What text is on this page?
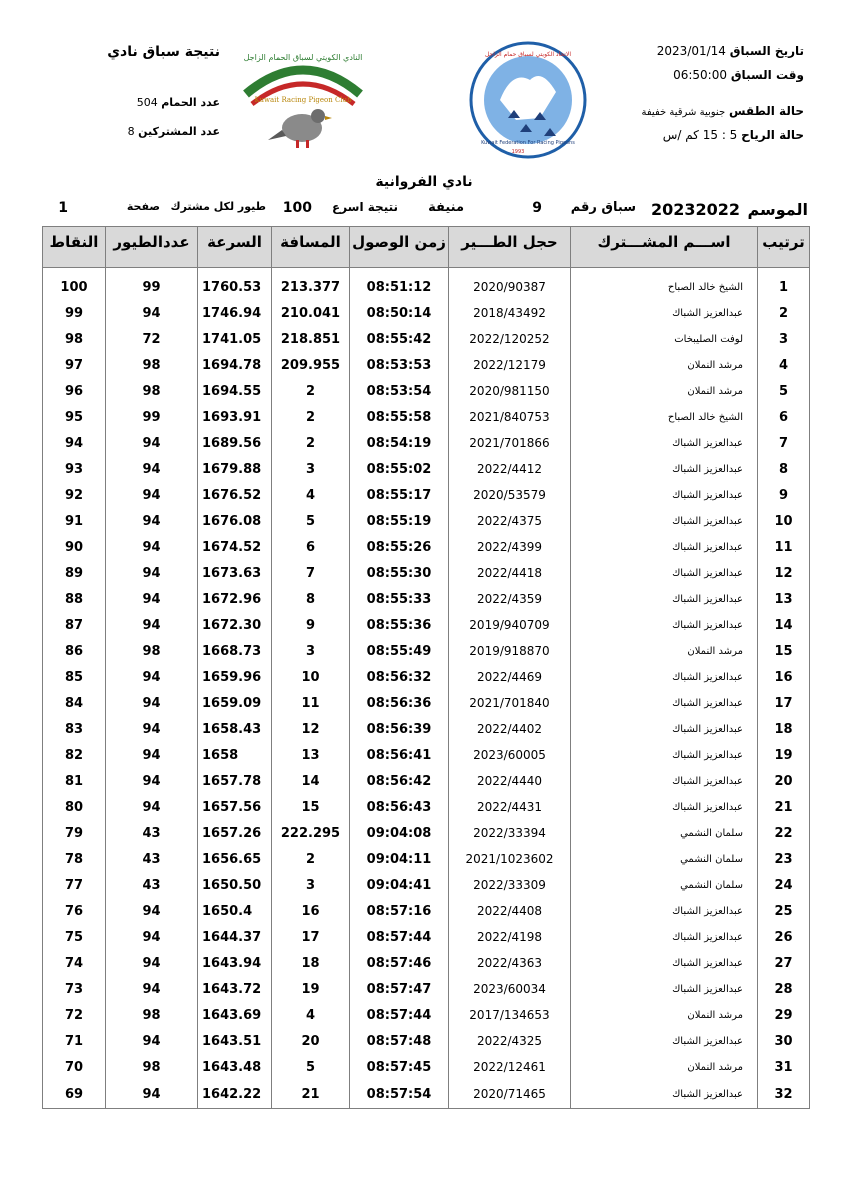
نتيجة سباق نادي
عدد الحمام 504
عدد المشتركين 8
النادي الكويتي لسباق الحمام الزاجل
Kuwait Racing Pigeon Club
الاتحاد الكويتي لسباق حمام الزاجل
Kuwait Federation For Racing Pigeons
1993
تاريخ السباق 2023/01/14
وقت السباق 06:50:00
حالة الطقس جنوبية شرقية خفيفة
حالة الرياح 5 : 15 كم /س
نادي الفروانية
الموسم
20232022
سباق رقم
9
منيفة
نتيجة اسرع
100
طيور لكل مشترك
صفحة
1
ترتيب	اســـم المشـــترك	حجل الطـــير	زمن الوصول	المسافة	السرعة	عددالطيور	النقاط

1	الشيخ خالد الصباح	2020/90387	08:51:12	213.377	1760.53	99	100
2	عبدالعزيز الشباك	2018/43492	08:50:14	210.041	1746.94	94	99
3	لوفت الصليبخات	2022/120252	08:55:42	218.851	1741.05	72	98
4	مرشد النملان	2022/12179	08:53:53	209.955	1694.78	98	97
5	مرشد النملان	2020/981150	08:53:54	2	1694.55	98	96
6	الشيخ خالد الصباح	2021/840753	08:55:58	2	1693.91	99	95
7	عبدالعزيز الشباك	2021/701866	08:54:19	2	1689.56	94	94
8	عبدالعزيز الشباك	2022/4412	08:55:02	3	1679.88	94	93
9	عبدالعزيز الشباك	2020/53579	08:55:17	4	1676.52	94	92
10	عبدالعزيز الشباك	2022/4375	08:55:19	5	1676.08	94	91
11	عبدالعزيز الشباك	2022/4399	08:55:26	6	1674.52	94	90
12	عبدالعزيز الشباك	2022/4418	08:55:30	7	1673.63	94	89
13	عبدالعزيز الشباك	2022/4359	08:55:33	8	1672.96	94	88
14	عبدالعزيز الشباك	2019/940709	08:55:36	9	1672.30	94	87
15	مرشد النملان	2019/918870	08:55:49	3	1668.73	98	86
16	عبدالعزيز الشباك	2022/4469	08:56:32	10	1659.96	94	85
17	عبدالعزيز الشباك	2021/701840	08:56:36	11	1659.09	94	84
18	عبدالعزيز الشباك	2022/4402	08:56:39	12	1658.43	94	83
19	عبدالعزيز الشباك	2023/60005	08:56:41	13	1658	94	82
20	عبدالعزيز الشباك	2022/4440	08:56:42	14	1657.78	94	81
21	عبدالعزيز الشباك	2022/4431	08:56:43	15	1657.56	94	80
22	سلمان النشمي	2022/33394	09:04:08	222.295	1657.26	43	79
23	سلمان النشمي	2021/1023602	09:04:11	2	1656.65	43	78
24	سلمان النشمي	2022/33309	09:04:41	3	1650.50	43	77
25	عبدالعزيز الشباك	2022/4408	08:57:16	16	1650.4	94	76
26	عبدالعزيز الشباك	2022/4198	08:57:44	17	1644.37	94	75
27	عبدالعزيز الشباك	2022/4363	08:57:46	18	1643.94	94	74
28	عبدالعزيز الشباك	2023/60034	08:57:47	19	1643.72	94	73
29	مرشد النملان	2017/134653	08:57:44	4	1643.69	98	72
30	عبدالعزيز الشباك	2022/4325	08:57:48	20	1643.51	94	71
31	مرشد النملان	2022/12461	08:57:45	5	1643.48	98	70
32	عبدالعزيز الشباك	2020/71465	08:57:54	21	1642.22	94	69
